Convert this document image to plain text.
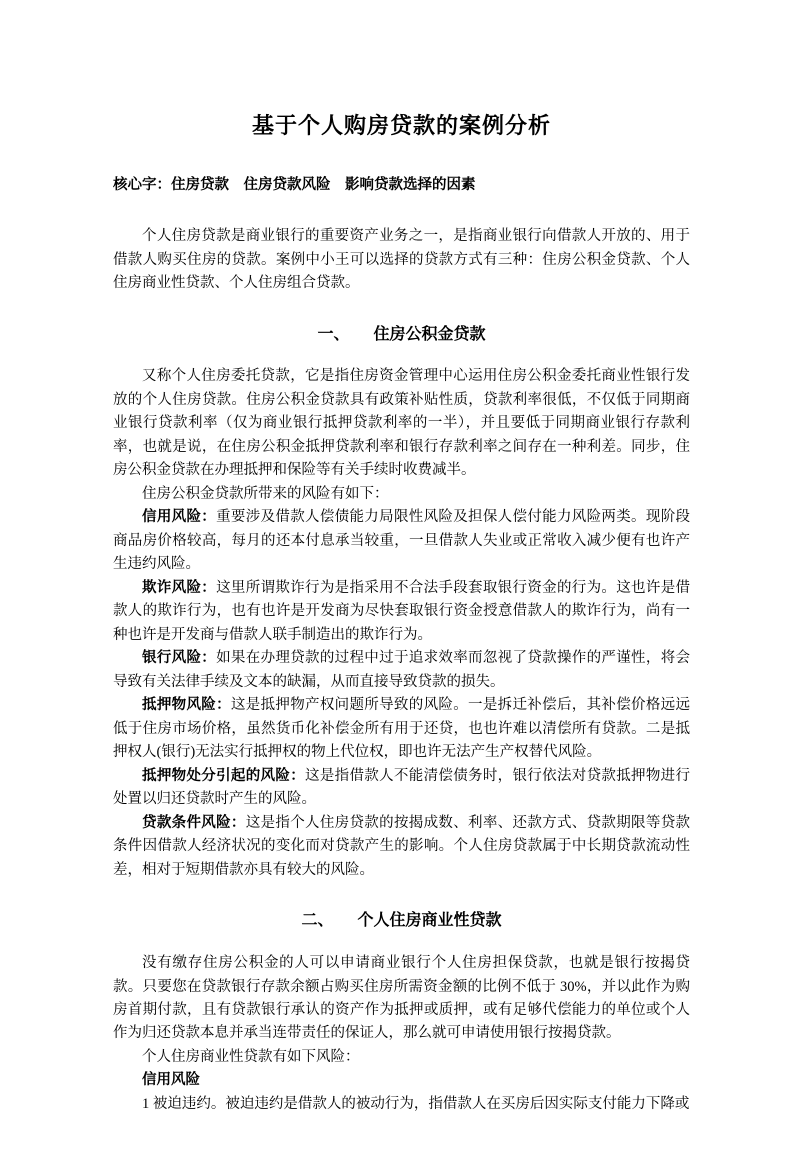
基于个人购房贷款的案例分析

核心字：住房贷款    住房贷款风险    影响贷款选择的因素

个人住房贷款是商业银行的重要资产业务之一，是指商业银行向借款人开放的、用于借款人购买住房的贷款。案例中小王可以选择的贷款方式有三种：住房公积金贷款、个人住房商业性贷款、个人住房组合贷款。

一、      住房公积金贷款

又称个人住房委托贷款，它是指住房资金管理中心运用住房公积金委托商业性银行发放的个人住房贷款。住房公积金贷款具有政策补贴性质，贷款利率很低，不仅低于同期商业银行贷款利率（仅为商业银行抵押贷款利率的一半），并且要低于同期商业银行存款利率，也就是说，在住房公积金抵押贷款利率和银行存款利率之间存在一种利差。同步，住房公积金贷款在办理抵押和保险等有关手续时收费减半。

住房公积金贷款所带来的风险有如下：

信用风险：重要涉及借款人偿债能力局限性风险及担保人偿付能力风险两类。现阶段商品房价格较高，每月的还本付息承当较重，一旦借款人失业或正常收入减少便有也许产生违约风险。

欺诈风险：这里所谓欺诈行为是指采用不合法手段套取银行资金的行为。这也许是借款人的欺诈行为，也有也许是开发商为尽快套取银行资金授意借款人的欺诈行为，尚有一种也许是开发商与借款人联手制造出的欺诈行为。

银行风险：如果在办理贷款的过程中过于追求效率而忽视了贷款操作的严谨性，将会导致有关法律手续及文本的缺漏，从而直接导致贷款的损失。

抵押物风险：这是抵押物产权问题所导致的风险。一是拆迁补偿后，其补偿价格远远低于住房市场价格，虽然货币化补偿金所有用于还贷，也也许难以清偿所有贷款。二是抵押权人(银行)无法实行抵押权的物上代位权，即也许无法产生产权替代风险。

抵押物处分引起的风险：这是指借款人不能清偿债务时，银行依法对贷款抵押物进行处置以归还贷款时产生的风险。

贷款条件风险：这是指个人住房贷款的按揭成数、利率、还款方式、贷款期限等贷款条件因借款人经济状况的变化而对贷款产生的影响。个人住房贷款属于中长期贷款流动性差，相对于短期借款亦具有较大的风险。

二、      个人住房商业性贷款

没有缴存住房公积金的人可以申请商业银行个人住房担保贷款，也就是银行按揭贷款。只要您在贷款银行存款余额占购买住房所需资金额的比例不低于 30%，并以此作为购房首期付款，且有贷款银行承认的资产作为抵押或质押，或有足够代偿能力的单位或个人作为归还贷款本息并承当连带责任的保证人，那么就可申请使用银行按揭贷款。

个人住房商业性贷款有如下风险：

信用风险

1 被迫违约。被迫违约是借款人的被动行为，指借款人在买房后因实际支付能力下降或
